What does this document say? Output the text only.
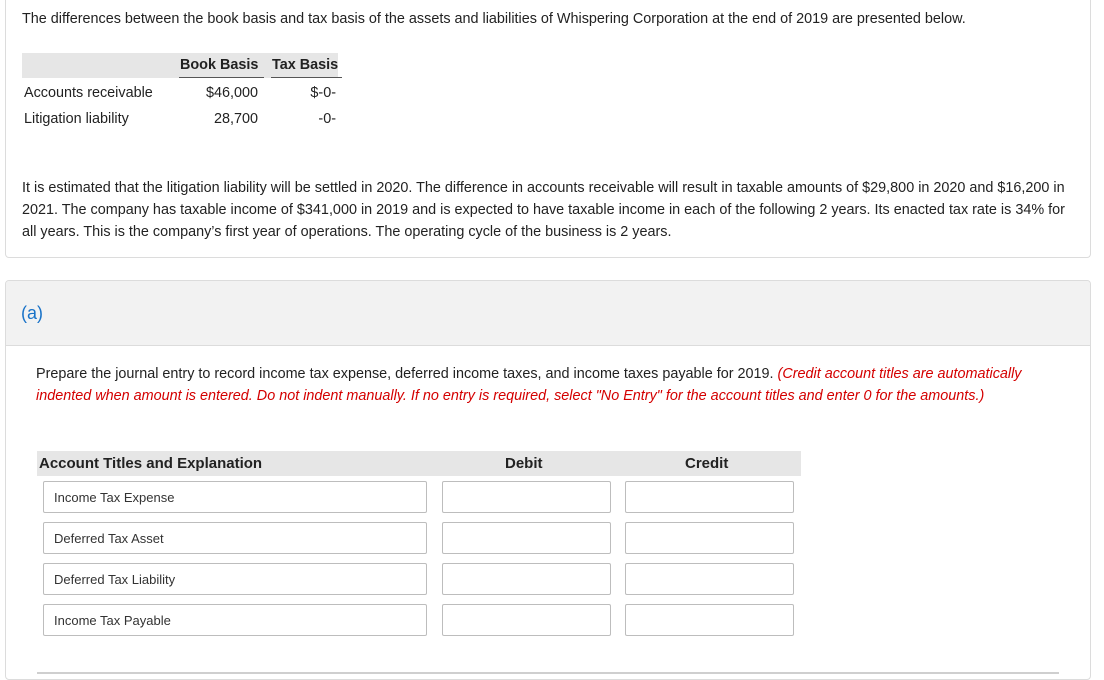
The differences between the book basis and tax basis of the assets and liabilities of Whispering Corporation at the end of 2019 are presented below.
Book Basis Tax Basis
Accounts receivable	$46,000	$-0-
Litigation liability	28,700	-0-
It is estimated that the litigation liability will be settled in 2020. The difference in accounts receivable will result in taxable amounts of $29,800 in 2020 and $16,200 in 2021. The company has taxable income of $341,000 in 2019 and is expected to have taxable income in each of the following 2 years. Its enacted tax rate is 34% for all years. This is the company’s first year of operations. The operating cycle of the business is 2 years.
(a)
Prepare the journal entry to record income tax expense, deferred income taxes, and income taxes payable for 2019. (Credit account titles are automatically indented when amount is entered. Do not indent manually. If no entry is required, select "No Entry" for the account titles and enter 0 for the amounts.)
Account Titles and Explanation	Debit	Credit
Income Tax Expense
Deferred Tax Asset
Deferred Tax Liability
Income Tax Payable
